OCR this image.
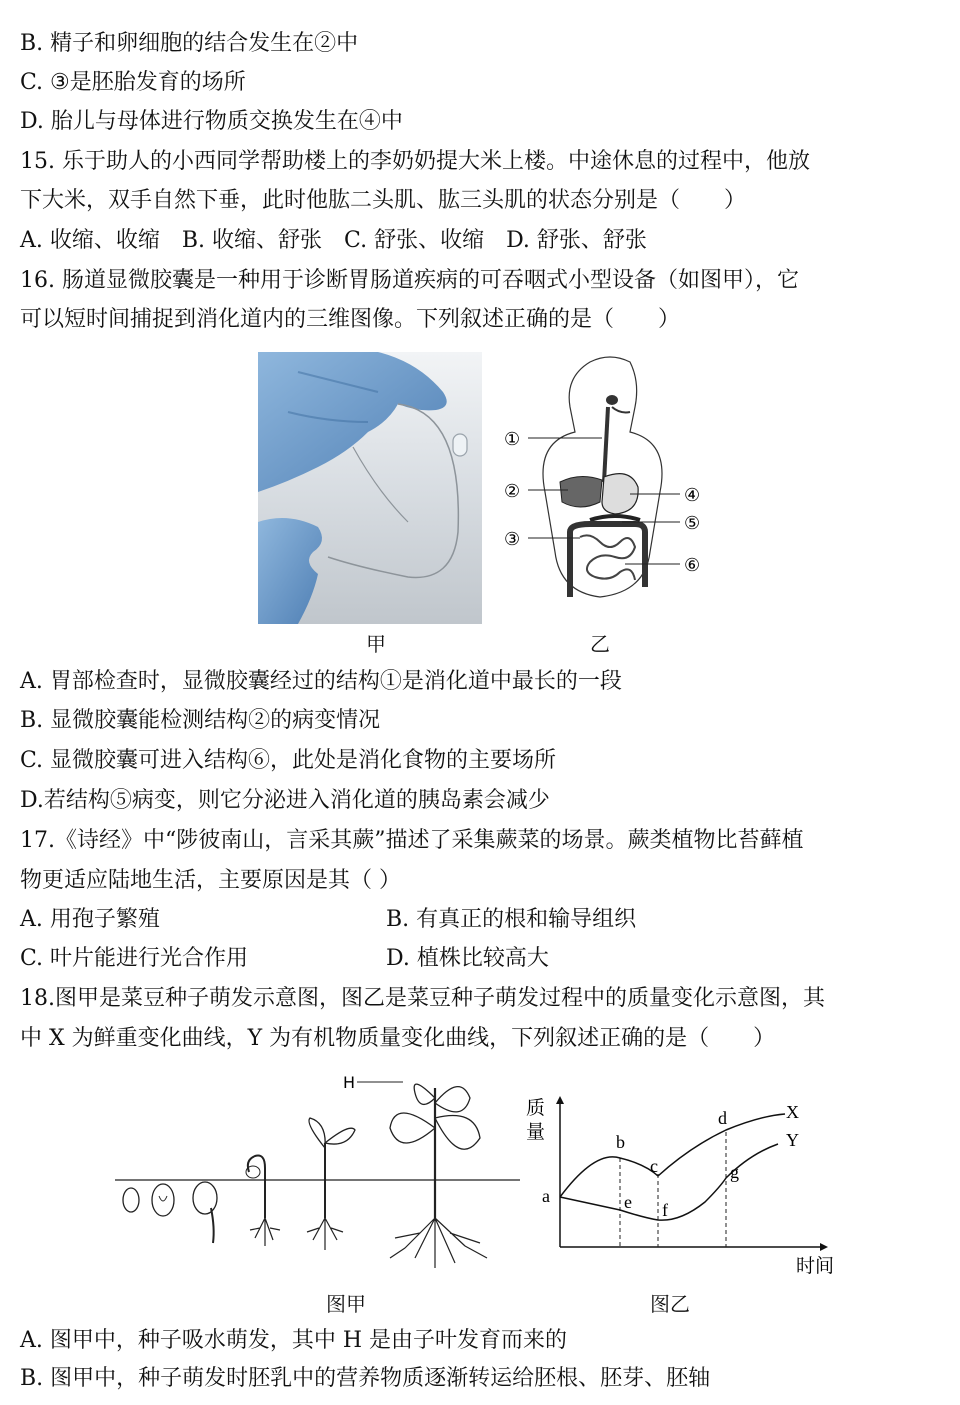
B. 精子和卵细胞的结合发生在②中
C. ③是胚胎发育的场所
D. 胎儿与母体进行物质交换发生在④中
15. 乐于助人的小西同学帮助楼上的李奶奶提大米上楼。中途休息的过程中，他放
下大米，双手自然下垂，此时他肱二头肌、肱三头肌的状态分别是（　　）
A. 收缩、收缩　B. 收缩、舒张　C. 舒张、收缩　D. 舒张、舒张
16. 肠道显微胶囊是一种用于诊断胃肠道疾病的可吞咽式小型设备（如图甲），它
可以短时间捕捉到消化道内的三维图像。下列叙述正确的是（　　）
①
②
③
④
⑤
⑥
甲	乙
A. 胃部检查时，显微胶囊经过的结构①是消化道中最长的一段
B. 显微胶囊能检测结构②的病变情况
C. 显微胶囊可进入结构⑥，此处是消化食物的主要场所
D.若结构⑤病变，则它分泌进入消化道的胰岛素会减少
17.《诗经》中“陟彼南山，言采其蕨”描述了采集蕨菜的场景。蕨类植物比苔藓植
物更适应陆地生活，主要原因是其（ ）
A. 用孢子繁殖	B. 有真正的根和输导组织
C. 叶片能进行光合作用	D. 植株比较高大
18.图甲是菜豆种子萌发示意图，图乙是菜豆种子萌发过程中的质量变化示意图，其
中 X 为鲜重变化曲线，Y 为有机物质量变化曲线，下列叙述正确的是（　　）
H
a
b
c
d
e f
g
X
Y
质
量
时间
图甲	图乙
A. 图甲中，种子吸水萌发，其中 H 是由子叶发育而来的
B. 图甲中，种子萌发时胚乳中的营养物质逐渐转运给胚根、胚芽、胚轴
